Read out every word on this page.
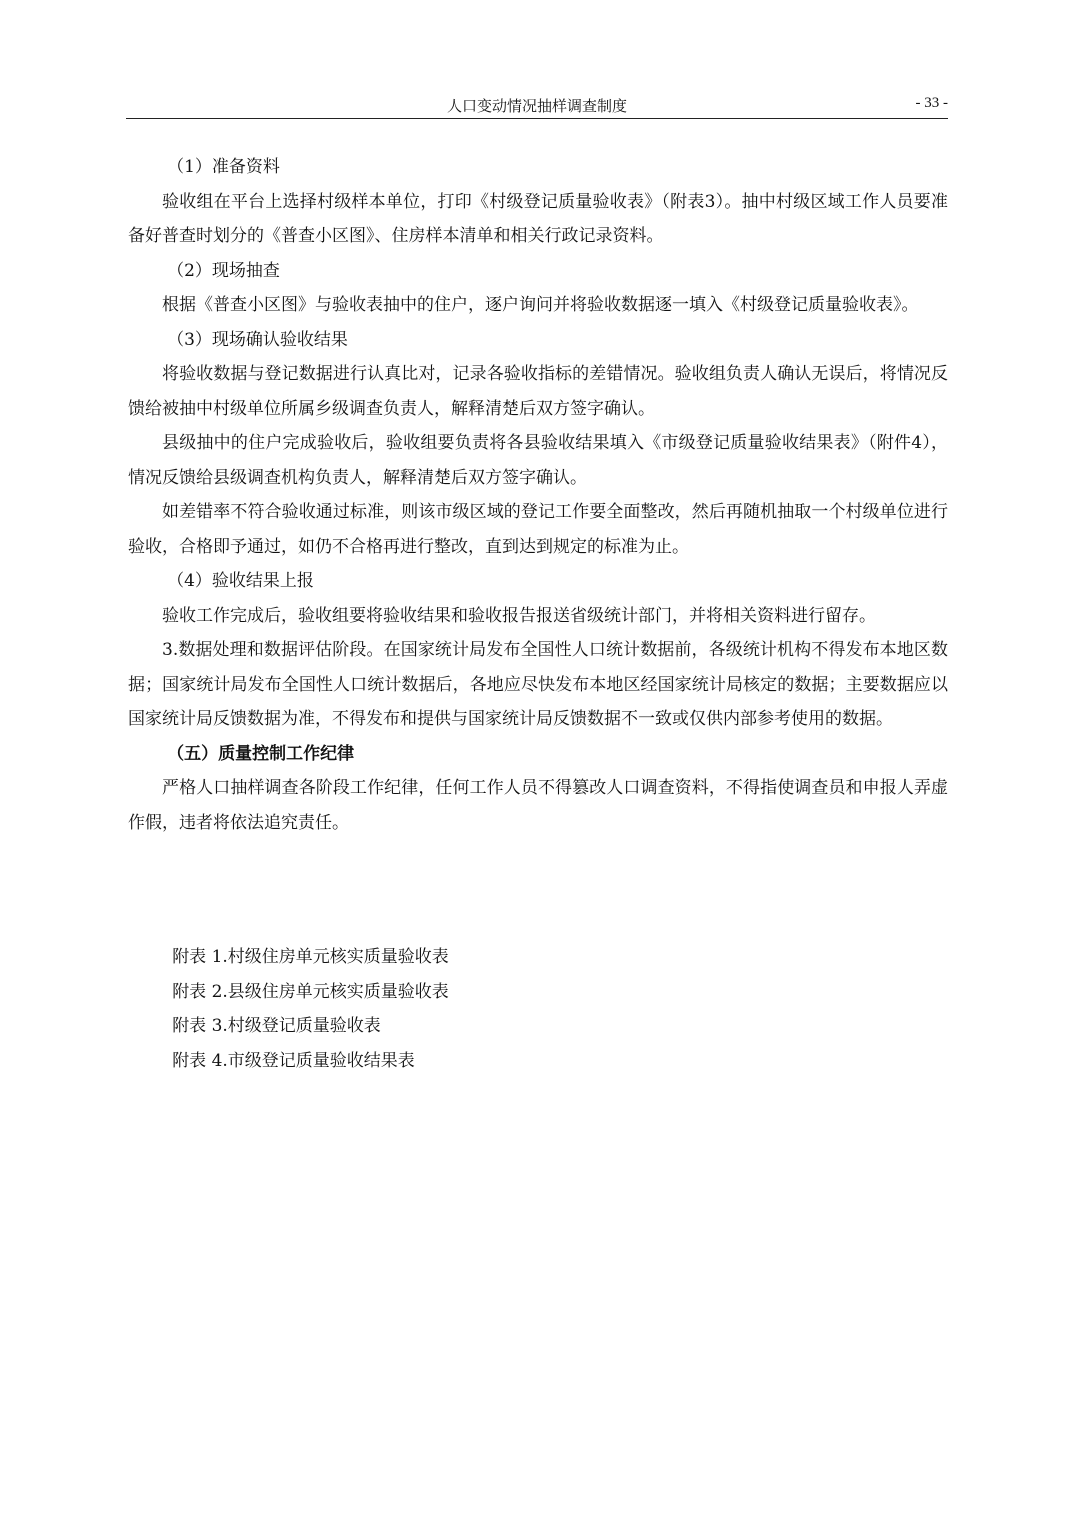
人口变动情况抽样调查制度	- 33 -

（1）准备资料

验收组在平台上选择村级样本单位，打印《村级登记质量验收表》（附表3）。抽中村级区域工作人员要准备好普查时划分的《普查小区图》、住房样本清单和相关行政记录资料。

（2）现场抽查

根据《普查小区图》与验收表抽中的住户，逐户询问并将验收数据逐一填入《村级登记质量验收表》。

（3）现场确认验收结果

将验收数据与登记数据进行认真比对，记录各验收指标的差错情况。验收组负责人确认无误后，将情况反馈给被抽中村级单位所属乡级调查负责人，解释清楚后双方签字确认。

县级抽中的住户完成验收后，验收组要负责将各县验收结果填入《市级登记质量验收结果表》（附件4），情况反馈给县级调查机构负责人，解释清楚后双方签字确认。

如差错率不符合验收通过标准，则该市级区域的登记工作要全面整改，然后再随机抽取一个村级单位进行验收，合格即予通过，如仍不合格再进行整改，直到达到规定的标准为止。

（4）验收结果上报

验收工作完成后，验收组要将验收结果和验收报告报送省级统计部门，并将相关资料进行留存。

3.数据处理和数据评估阶段。在国家统计局发布全国性人口统计数据前，各级统计机构不得发布本地区数据；国家统计局发布全国性人口统计数据后，各地应尽快发布本地区经国家统计局核定的数据；主要数据应以国家统计局反馈数据为准，不得发布和提供与国家统计局反馈数据不一致或仅供内部参考使用的数据。

（五）质量控制工作纪律

严格人口抽样调查各阶段工作纪律，任何工作人员不得篡改人口调查资料，不得指使调查员和申报人弄虚作假，违者将依法追究责任。

附表 1.村级住房单元核实质量验收表

附表 2.县级住房单元核实质量验收表

附表 3.村级登记质量验收表

附表 4.市级登记质量验收结果表
